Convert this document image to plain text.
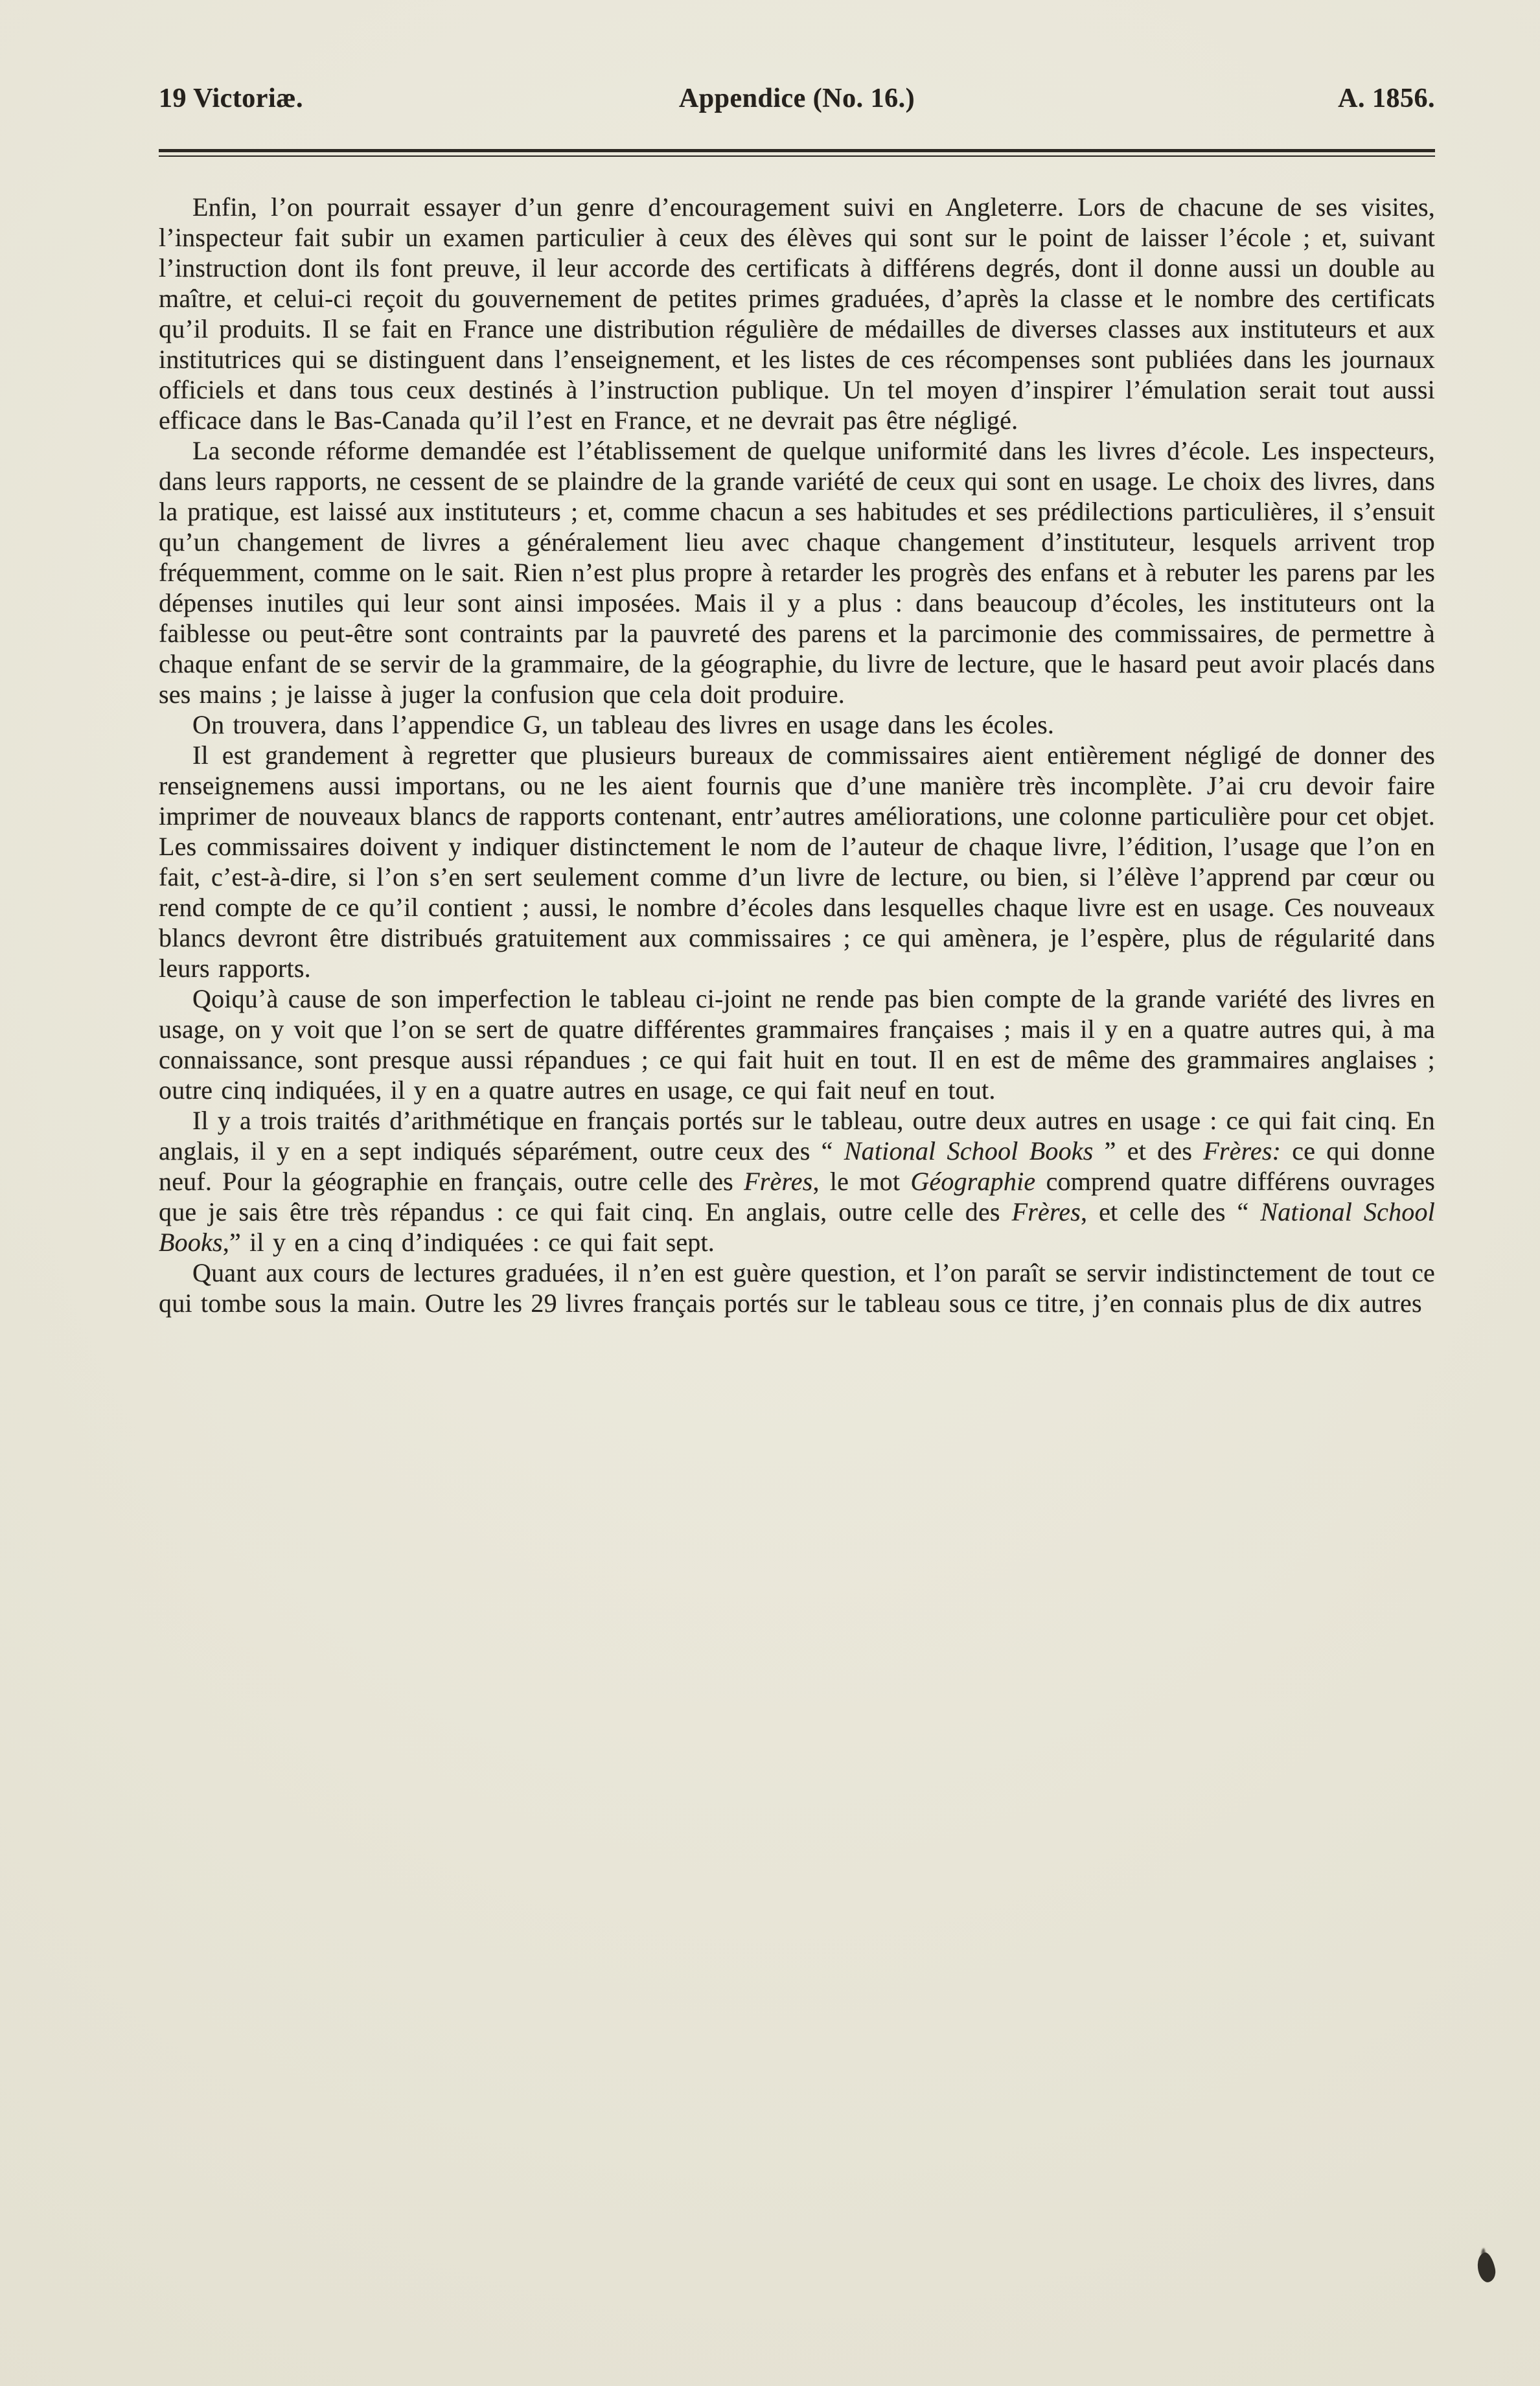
19 Victoriæ.	Appendice (No. 16.)	A. 1856.

Enfin, l’on pourrait essayer d’un genre d’encouragement suivi en Angleterre. Lors de chacune de ses visites, l’inspecteur fait subir un examen particulier à ceux des élèves qui sont sur le point de laisser l’école ; et, suivant l’instruction dont ils font preuve, il leur accorde des certificats à différens degrés, dont il donne aussi un double au maître, et celui-ci reçoit du gouvernement de petites primes graduées, d’après la classe et le nombre des certificats qu’il produits. Il se fait en France une distribution régulière de médailles de diverses classes aux instituteurs et aux institutrices qui se distinguent dans l’enseignement, et les listes de ces récompenses sont publiées dans les journaux officiels et dans tous ceux destinés à l’instruction publique. Un tel moyen d’inspirer l’émulation serait tout aussi efficace dans le Bas-Canada qu’il l’est en France, et ne devrait pas être négligé.

La seconde réforme demandée est l’établissement de quelque uniformité dans les livres d’école. Les inspecteurs, dans leurs rapports, ne cessent de se plaindre de la grande variété de ceux qui sont en usage. Le choix des livres, dans la pratique, est laissé aux instituteurs ; et, comme chacun a ses habitudes et ses prédilections particulières, il s’ensuit qu’un changement de livres a généralement lieu avec chaque changement d’instituteur, lesquels arrivent trop fréquemment, comme on le sait. Rien n’est plus propre à retarder les progrès des enfans et à rebuter les parens par les dépenses inutiles qui leur sont ainsi imposées. Mais il y a plus : dans beaucoup d’écoles, les instituteurs ont la faiblesse ou peut-être sont contraints par la pauvreté des parens et la parcimonie des commissaires, de permettre à chaque enfant de se servir de la grammaire, de la géographie, du livre de lecture, que le hasard peut avoir placés dans ses mains ; je laisse à juger la confusion que cela doit produire.

On trouvera, dans l’appendice G, un tableau des livres en usage dans les écoles.

Il est grandement à regretter que plusieurs bureaux de commissaires aient entièrement négligé de donner des renseignemens aussi importans, ou ne les aient fournis que d’une manière très incomplète. J’ai cru devoir faire imprimer de nouveaux blancs de rapports contenant, entr’autres améliorations, une colonne particulière pour cet objet. Les commissaires doivent y indiquer distinctement le nom de l’auteur de chaque livre, l’édition, l’usage que l’on en fait, c’est-à-dire, si l’on s’en sert seulement comme d’un livre de lecture, ou bien, si l’élève l’apprend par cœur ou rend compte de ce qu’il contient ; aussi, le nombre d’écoles dans lesquelles chaque livre est en usage. Ces nouveaux blancs devront être distribués gratuitement aux commissaires ; ce qui amènera, je l’espère, plus de régularité dans leurs rapports.

Qoiqu’à cause de son imperfection le tableau ci-joint ne rende pas bien compte de la grande variété des livres en usage, on y voit que l’on se sert de quatre différentes grammaires françaises ; mais il y en a quatre autres qui, à ma connaissance, sont presque aussi répandues ; ce qui fait huit en tout. Il en est de même des grammaires anglaises ; outre cinq indiquées, il y en a quatre autres en usage, ce qui fait neuf en tout.

Il y a trois traités d’arithmétique en français portés sur le tableau, outre deux autres en usage : ce qui fait cinq. En anglais, il y en a sept indiqués séparément, outre ceux des “ National School Books ” et des Frères: ce qui donne neuf. Pour la géographie en français, outre celle des Frères, le mot Géographie comprend quatre différens ouvrages que je sais être très répandus : ce qui fait cinq. En anglais, outre celle des Frères, et celle des “ National School Books,” il y en a cinq d’indiquées : ce qui fait sept.

Quant aux cours de lectures graduées, il n’en est guère question, et l’on paraît se servir indistinctement de tout ce qui tombe sous la main. Outre les 29 livres français portés sur le tableau sous ce titre, j’en connais plus de dix autres
